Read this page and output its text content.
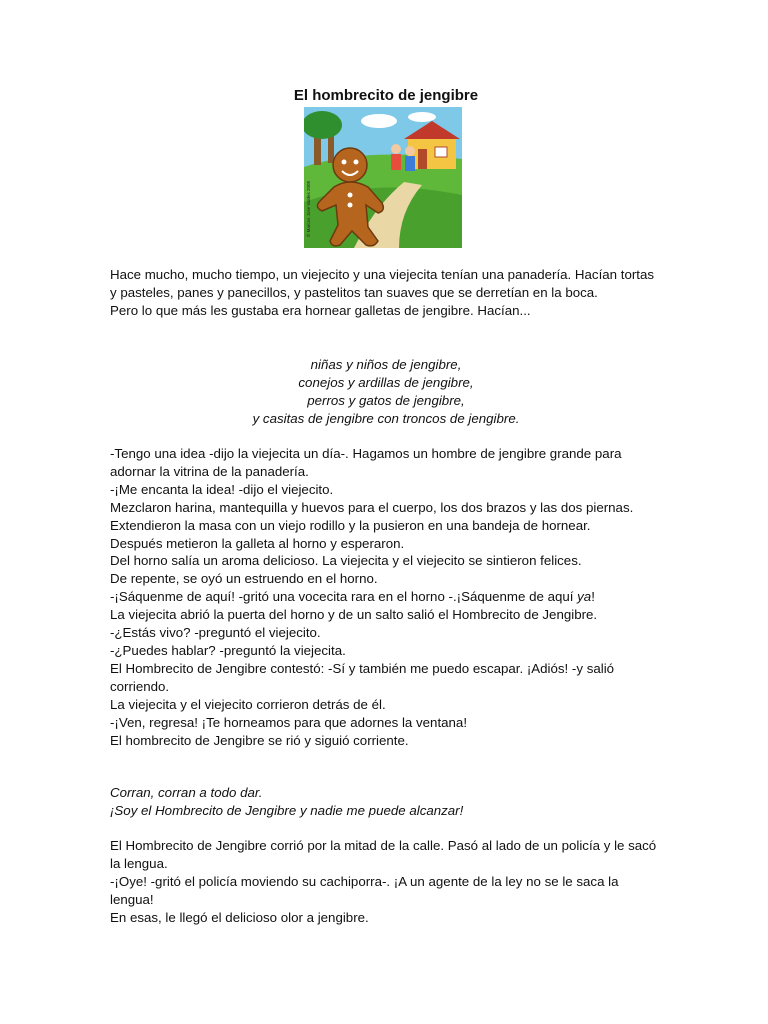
El hombrecito de jengibre
© Marcos Jose Valdes 2008

Hace mucho, mucho tiempo, un viejecito y una viejecita tenían una panadería. Hacían tortas y pasteles, panes y panecillos, y pastelitos tan suaves que se derretían en la boca.

Pero lo que más les gustaba era hornear galletas de jengibre. Hacían...

niñas y niños de jengibre,

conejos y ardillas de jengibre,

perros y gatos de jengibre,

y casitas de jengibre con troncos de jengibre.

-Tengo una idea -dijo la viejecita un día-. Hagamos un hombre de jengibre grande para adornar la vitrina de la panadería.

-¡Me encanta la idea! -dijo el viejecito.

Mezclaron harina, mantequilla y huevos para el cuerpo, los dos brazos y las dos piernas. Extendieron la masa con un viejo rodillo y la pusieron en una bandeja de hornear.

Después metieron la galleta al horno y esperaron.

Del horno salía un aroma delicioso. La viejecita y el viejecito se sintieron felices.

De repente, se oyó un estruendo en el horno.

-¡Sáquenme de aquí! -gritó una vocecita rara en el horno -.¡Sáquenme de aquí ya!

La viejecita abrió la puerta del horno y de un salto salió el Hombrecito de Jengibre.

-¿Estás vivo? -preguntó el viejecito.

-¿Puedes hablar? -preguntó la viejecita.

El Hombrecito de Jengibre contestó: -Sí y también me puedo escapar. ¡Adiós! -y salió corriendo.

La viejecita y el viejecito corrieron detrás de él.

-¡Ven, regresa! ¡Te horneamos para que adornes la ventana!

El hombrecito de Jengibre se rió y siguió corriente.

Corran, corran a todo dar.

¡Soy el Hombrecito de Jengibre y nadie me puede alcanzar!

El Hombrecito de Jengibre corrió por la mitad de la calle. Pasó al lado de un policía y le sacó la lengua.

-¡Oye! -gritó el policía moviendo su cachiporra-. ¡A un agente de la ley no se le saca la lengua!

En esas, le llegó el delicioso olor a jengibre.
